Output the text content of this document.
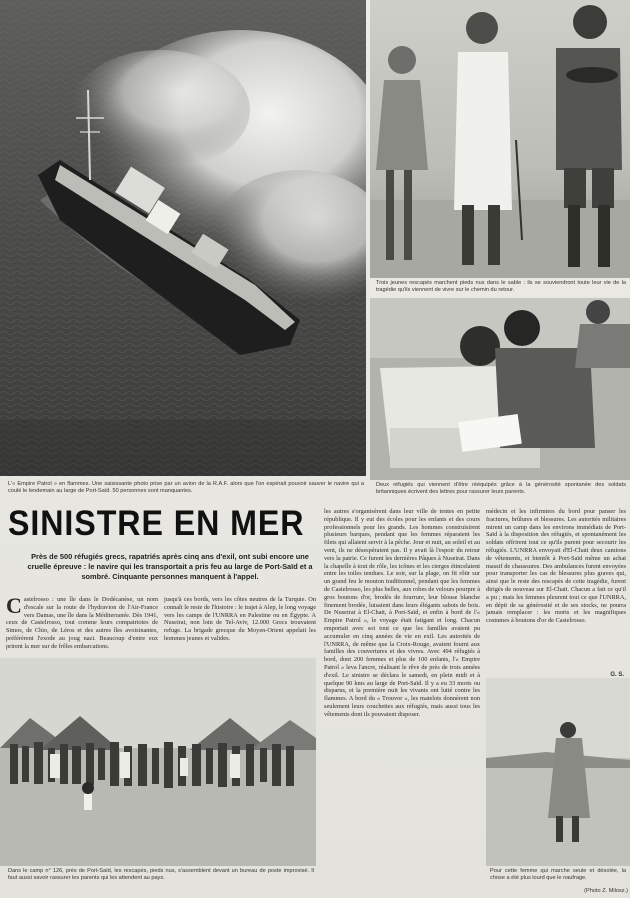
Trois jeunes rescapés marchent pieds nus dans le sable : ils se souviendront toute leur vie de la tragédie qu'ils viennent de vivre sur le chemin du retour.
Deux réfugiés qui viennent d'être rééquipés grâce à la générosité spontanée des soldats britanniques écrivent des lettres pour rassurer leurs parents.
L'« Empire Patrol » en flammes. Une saisissante photo prise par un avion de la R.A.F. alors que l'on espérait pouvoir sauver le navire qui a coulé le lendemain au large de Port-Saïd. 50 personnes sont manquantes.
SINISTRE EN MER
Près de 500 réfugiés grecs, rapatriés après cinq ans d'exil, ont subi encore une cruelle épreuve : le navire qui les transportait a pris feu au large de Port-Saïd et a sombré. Cinquante personnes manquent à l'appel.
Castelrosso : une île dans le Dodécanèse, un nom d'escale sur la route de l'hydravion de l'Air-France vers Damas, une île dans la Méditerranée. Dès 1941, ceux de Castelrosso, tout comme leurs compatriotes de Simos, de Chio, de Léros et des autres îles avoisinantes, préférèrent l'exode au joug nazi. Beaucoup d'entre eux prirent la mer sur de frêles embarcations.
jusqu'à ces bords, vers les côtes neutres de la Turquie. On connaît le reste de l'histoire : le trajet à Alep, le long voyage vers les camps de l'UNRRA en Palestine ou en Égypte. A Nuseirat, non loin de Tel-Aviv, 12.000 Grecs trouvaient refuge. La brigade grecque du Moyen-Orient appelait les hommes jeunes et valides.
les autres s'organisèrent dans leur ville de tentes en petite république. Il y eut des écoles pour les enfants et des cours professionnels pour les grands. Les hommes construisirent plusieurs barques, pendant que les femmes réparaient les filets qui allaient servir à la pêche. Jour et nuit, au soleil et au vent, ils ne désespéraient pas. Il y avait là l'espoir du retour vers la patrie. Ce furent les dernières Pâques à Nuseirat. Dans la chapelle à tout de rôle, les icônes et les cierges étincelaient entre les toiles tendues. Le soir, sur la plage, on fit rôtir sur un grand feu le mouton traditionnel, pendant que les femmes de Castelrosso, les plus belles, aux robes de velours pourpre à gros boutons d'or, brodés de fourrure, leur blouse blanche finement brodée, luisaient dans leurs élégants sabots de bois. De Nuseirat à El-Chatt, à Port-Saïd, et enfin à bord de l'« Empire Patrol », le voyage était fatigant et long. Chacun emportait avec soi tout ce que les familles avaient pu accumuler en cinq années de vie en exil. Les autorités de l'UNRRA, de même que la Croix-Rouge, avaient fourni aux familles des couvertures et des vivres. Avec 494 réfugiés à bord, dont 200 femmes et plus de 100 enfants, l'« Empire Patrol » leva l'ancre, réalisant le rêve de près de trois années d'exil. Le sinistre se déclara le samedi, en plein midi et à quelque 90 kms au large de Port-Saïd. Il y a eu 33 morts ou disparus, et la première nuit les vivants ont lutté contre les flammes. A bord du « Trouvor », les matelots donnèrent non seulement leurs couchettes aux réfugiés, mais aussi tous les vêtements dont ils pouvaient disposer.
médecin et les infirmiers du bord pour panser les fractures, brûlures et blessures. Les autorités militaires mirent un camp dans les environs immédiats de Port-Saïd à la disposition des réfugiés, et spontanément les soldats offrirent tout ce qu'ils purent pour secourir les réfugiés. L'UNRRA envoyait d'El-Chatt deux camions de vêtements, et bientôt à Port-Saïd même un achat massif de chaussures. Des ambulances furent envoyées pour transporter les cas de blessures plus graves qui, ainsi que le reste des rescapés de cette tragédie, furent dirigés de nouveau sur El-Chatt. Chacun a fait ce qu'il a pu ; mais les femmes pleurent tout ce que l'UNRRA, en dépit de sa générosité et de ses stocks, ne pourra jamais remplacer : les morts et les magnifiques costumes à boutons d'or de Castelrosso.
G. S.
Dans le camp n° 126, près de Port-Saïd, les rescapés, pieds nus, s'assemblent devant un bureau de poste improvisé. Il faut aussi savoir rassurer les parents qui les attendent au pays.
Pour cette femme qui marche seule et désolée, la chose a été plus lourd que le naufrage.
(Photo Z. Milosz.)
